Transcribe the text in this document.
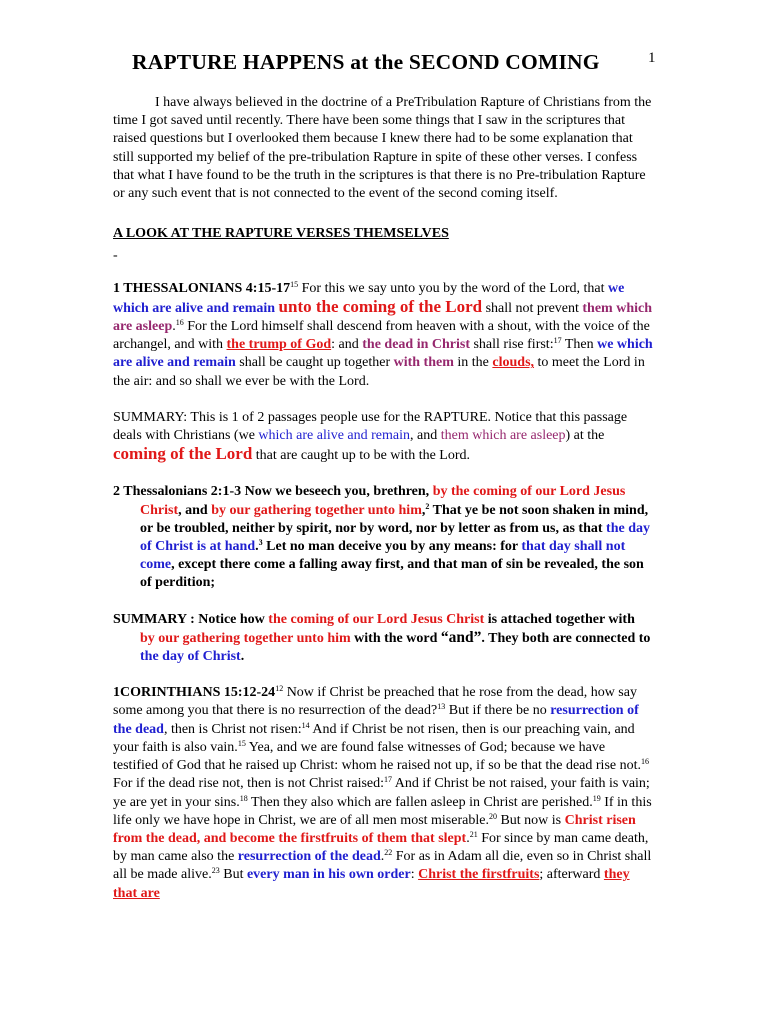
RAPTURE HAPPENS at the SECOND COMING	1

I have always believed in the doctrine of a PreTribulation Rapture of Christians from the time I got saved until recently. There have been some things that I saw in the scriptures that raised questions but I overlooked them because I knew there had to be some explanation that still supported my belief of the pre-tribulation Rapture in spite of these other verses. I confess that what I have found to be the truth in the scriptures is that there is no Pre-tribulation Rapture or any such event that is not connected to the event of the second coming itself.

A LOOK AT THE RAPTURE VERSES THEMSELVES

-

1 THESSALONIANS $4:15-17^{15}$ For this we say unto you by the word of the Lord, that we which are alive and remain unto the coming of the Lord shall not prevent them which are asleep.$^{16}$ For the Lord himself shall descend from heaven with a shout, with the voice of the archangel, and with the trump of God: and the dead in Christ shall rise first:$^{17}$ Then we which are alive and remain shall be caught up together with them in the clouds, to meet the Lord in the air: and so shall we ever be with the Lord.

SUMMARY: This is 1 of 2 passages people use for the RAPTURE. Notice that this passage deals with Christians (we which are alive and remain, and them which are asleep) at the coming of the Lord that are caught up to be with the Lord.

2 Thessalonians 2:1-3 Now we beseech you, brethren, by the coming of our Lord Jesus Christ, and by our gathering together unto him,$^2$ That ye be not soon shaken in mind, or be troubled, neither by spirit, nor by word, nor by letter as from us, as that the day of Christ is at hand.$^3$ Let no man deceive you by any means: for that day shall not come, except there come a falling away first, and that man of sin be revealed, the son of perdition;

SUMMARY : Notice how the coming of our Lord Jesus Christ is attached together with by our gathering together unto him with the word “and”. They both are connected to the day of Christ.

1CORINTHIANS $15:12-24^{12}$ Now if Christ be preached that he rose from the dead, how say some among you that there is no resurrection of the dead?$^{13}$ But if there be no resurrection of the dead, then is Christ not risen:$^{14}$ And if Christ be not risen, then is our preaching vain, and your faith is also vain.$^{15}$ Yea, and we are found false witnesses of God; because we have testified of God that he raised up Christ: whom he raised not up, if so be that the dead rise not.$^{16}$ For if the dead rise not, then is not Christ raised:$^{17}$ And if Christ be not raised, your faith is vain; ye are yet in your sins.$^{18}$ Then they also which are fallen asleep in Christ are perished.$^{19}$ If in this life only we have hope in Christ, we are of all men most miserable.$^{20}$ But now is Christ risen from the dead, and become the firstfruits of them that slept.$^{21}$ For since by man came death, by man came also the resurrection of the dead.$^{22}$ For as in Adam all die, even so in Christ shall all be made alive.$^{23}$ But every man in his own order: Christ the firstfruits; afterward they that are
